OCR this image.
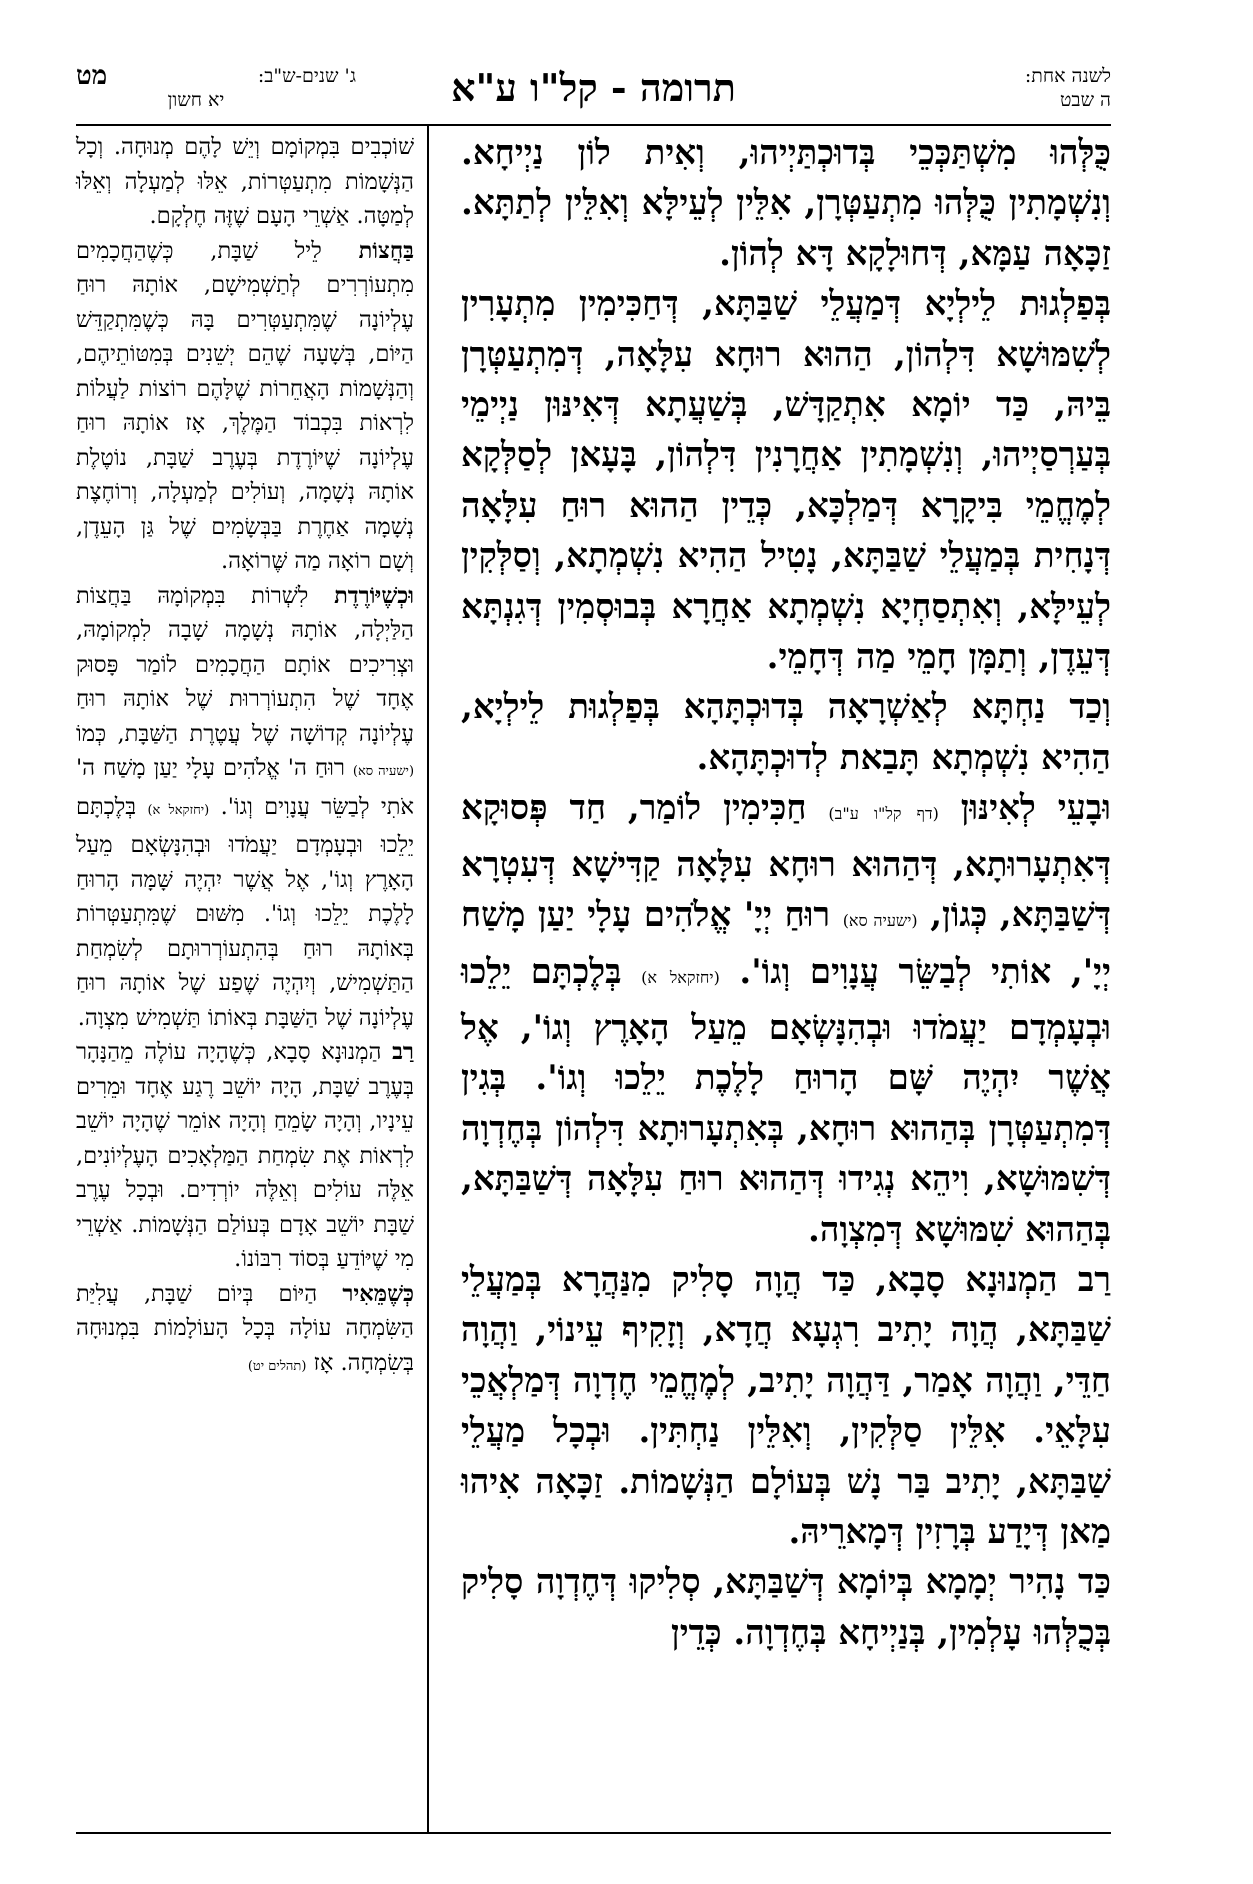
לשנה אחת:
ה שבט
תרומה - קל"ו ע"א
ג' שנים-ש"ב:
מט
יא חשון

כֻּלְּהוּ מִשְׁתַּכְּכֵי בְּדוּכְתַּיְיהוּ, וְאִית לוֹן נַיְיחָא. וְנִשְׁמָתִין כֻּלְּהוּ מִתְעַטְּרָן, אִלֵּין לְעֵילָּא וְאִלֵּין לְתַתָּא. זַכָּאָה עַמָּא, דְּחוּלָקָא דָּא לְהוֹן.

בְּפַלְגוּת לֵילְיָא דְּמַעֲלֵי שַׁבַּתָּא, דְּחַכִּימִין מִתְעָרִין לְשִׁמּוּשָׁא דִּלְהוֹן, הַהוּא רוּחָא עִלָּאָה, דְּמִתְעַטְּרָן בֵּיהּ, כַּד יוֹמָא אִתְקַדָּשׁ, בְּשַׁעֲתָא דְּאִינּוּן נַיְימֵי בְּעַרְסַיְיהוּ, וְנִשְׁמָתִין אַחֲרָנִין דִּלְהוֹן, בָּעָאן לְסַלְּקָא לְמֶחֱמֵי בִּיקָרָא דְּמַלְכָּא, כְּדֵין הַהוּא רוּחַ עִלָּאָה דְּנָחִית בְּמַעֲלֵי שַׁבַּתָּא, נָטִיל הַהִיא נִשְׁמְתָא, וְסַלְּקִין לְעֵילָּא, וְאִתְסַחְיָא נִשְׁמְתָא אַחֲרָא בְּבוּסְמִין דְּגִנְתָּא דְּעֵדֶן, וְתַמָּן חָמֵי מַה דְּחָמֵי.

וְכַד נַחְתָּא לְאַשְׁרָאָה בְּדוּכְתָּהָא בְּפַלְגוּת לֵילְיָא, הַהִיא נִשְׁמְתָא תָּבַאת לְדוּכְתָּהָא.

וּבָעֵי לְאִינּוּן (דף קל"ו ע"ב) חַכִּימִין לוֹמַר, חַד פְּסוּקָא דְּאִתְעָרוּתָא, דְּהַהוּא רוּחָא עִלָּאָה קַדִּישָׁא דְּעִטְרָא דְּשַׁבַּתָּא, כְּגוֹן, (ישעיה סא) רוּחַ יְיָ' אֱלֹהִים עָלָי יַעַן מָשַׁח יְיָ', אוֹתִי לְבַשֵּׂר עֲנָוִים וְגוֹ'. (יחזקאל א) בְּלֶכְתָּם יֵלֵכוּ וּבְעָמְדָם יַעֲמֹדוּ וּבְהִנָּשְׂאָם מֵעַל הָאָרֶץ וְגוֹ', אֶל אֲשֶׁר יִהְיֶה שָּׁם הָרוּחַ לָלֶכֶת יֵלֵכוּ וְגוֹ'. בְּגִין דְּמִתְעַטְּרָן בְּהַהוּא רוּחָא, בְּאִתְעָרוּתָא דִּלְהוֹן בְּחֶדְוָה דְּשִׁמּוּשָׁא, וִיהֵא נְגִידוּ דְּהַהוּא רוּחַ עִלָּאָה דְּשַׁבַּתָּא, בְּהַהוּא שִׁמּוּשָׁא דְּמִצְוָה.

רַב הַמְנוּנָא סָבָא, כַּד הֲוָה סָלִיק מִנַּהֲרָא בְּמַעֲלֵי שַׁבַּתָּא, הֲוָה יָתִיב רִגְעָא חֲדָא, וְזָקִיף עֵינוֹי, וַהֲוָה חַדֵּי, וַהֲוָה אָמַר, דַּהֲוָה יָתִיב, לְמֶחֱמֵי חֶדְוָה דְּמַלְאֲכֵי עִלָּאֵי. אִלֵּין סַלְּקִין, וְאִלֵּין נַחְתִּין. וּבְכָל מַעֲלֵי שַׁבַּתָּא, יָתִיב בַּר נָשׁ בְּעוֹלָם הַנְּשָׁמוֹת. זַכָּאָה אִיהוּ מַאן דְּיָדַע בְּרָזִין דְּמָארֵיהּ.

כַּד נָהִיר יְמָמָא בְּיוֹמָא דְּשַׁבַּתָּא, סְלִיקוּ דְּחֶדְוָה סָלִיק בְּכֻלְּהוּ עָלְמִין, בְּנַיְיחָא בְּחֶדְוָה. כְּדֵין

שׁוֹכְבִים בִּמְקוֹמָם וְיֵשׁ לָהֶם מְנוּחָה. וְכָל הַנְּשָׁמוֹת מִתְעַטְּרוֹת, אֵלּוּ לְמַעְלָה וְאֵלּוּ לְמַטָּה. אַשְׁרֵי הָעָם שֶׁזֶּה חֶלְקָם.

בַּחֲצוֹת לֵיל שַׁבָּת, כְּשֶׁהַחֲכָמִים מִתְעוֹרְרִים לְתַשְׁמִישָׁם, אוֹתָהּ רוּחַ עֶלְיוֹנָה שֶׁמִּתְעַטְּרִים בָּהּ כְּשֶׁמִּתְקַדֵּשׁ הַיּוֹם, בְּשָׁעָה שֶׁהֵם יְשֵׁנִים בְּמִטּוֹתֵיהֶם, וְהַנְּשָׁמוֹת הָאֲחֵרוֹת שֶׁלָּהֶם רוֹצוֹת לַעֲלוֹת לִרְאוֹת בִּכְבוֹד הַמֶּלֶךְ, אָז אוֹתָהּ רוּחַ עֶלְיוֹנָה שֶׁיּוֹרֶדֶת בְּעֶרֶב שַׁבָּת, נוֹטֶלֶת אוֹתָהּ נְשָׁמָה, וְעוֹלִים לְמַעְלָה, וְרוֹחֶצֶת נְשָׁמָה אַחֶרֶת בַּבְּשָׂמִים שֶׁל גַּן הָעֵדֶן, וְשָׁם רוֹאָה מַה שֶּׁרוֹאָה.

וּכְשֶׁיּוֹרֶדֶת לִשְׁרוֹת בִּמְקוֹמָהּ בַּחֲצוֹת הַלַּיְלָה, אוֹתָהּ נְשָׁמָה שָׁבָה לִמְקוֹמָהּ, וּצְרִיכִים אוֹתָם הַחֲכָמִים לוֹמַר פָּסוּק אֶחָד שֶׁל הִתְעוֹרְרוּת שֶׁל אוֹתָהּ רוּחַ עֶלְיוֹנָה קְדוֹשָׁה שֶׁל עֲטֶרֶת הַשַּׁבָּת, כְּמוֹ (ישעיה סא) רוּחַ ה' אֱלֹהִים עָלָי יַעַן מָשַׁח ה' אֹתִי לְבַשֵּׂר עֲנָוִים וְגוֹ'. (יחזקאל א) בְּלֶכְתָּם יֵלֵכוּ וּבְעָמְדָם יַעֲמֹדוּ וּבְהִנָּשְׂאָם מֵעַל הָאָרֶץ וְגוֹ', אֶל אֲשֶׁר יִהְיֶה שָּׁמָּה הָרוּחַ לָלֶכֶת יֵלֵכוּ וְגוֹ'. מִשּׁוּם שֶׁמִּתְעַטְּרוֹת בְּאוֹתָהּ רוּחַ בְּהִתְעוֹרְרוּתָם לְשִׂמְחַת הַתַּשְׁמִישׁ, וְיִהְיֶה שֶׁפַע שֶׁל אוֹתָהּ רוּחַ עֶלְיוֹנָה שֶׁל הַשַּׁבָּת בְּאוֹתוֹ תַּשְׁמִישׁ מִצְוָה.

רַב הַמְנוּנָא סָבָא, כְּשֶׁהָיָה עוֹלֶה מֵהַנָּהָר בְּעֶרֶב שַׁבָּת, הָיָה יוֹשֵׁב רֶגַע אֶחָד וּמֵרִים עֵינָיו, וְהָיָה שָׂמֵחַ וְהָיָה אוֹמֵר שֶׁהָיָה יוֹשֵׁב לִרְאוֹת אֶת שִׂמְחַת הַמַּלְאָכִים הָעֶלְיוֹנִים, אֵלֶּה עוֹלִים וְאֵלֶּה יוֹרְדִים. וּבְכָל עֶרֶב שַׁבָּת יוֹשֵׁב אָדָם בְּעוֹלַם הַנְּשָׁמוֹת. אַשְׁרֵי מִי שֶׁיּוֹדֵעַ בְּסוֹד רִבּוֹנוֹ.

כְּשֶׁמֵּאִיר הַיּוֹם בְּיוֹם שַׁבָּת, עֲלִיַּת הַשִּׂמְחָה עוֹלָה בְּכָל הָעוֹלָמוֹת בִּמְנוּחָה בְּשִׂמְחָה. אָז (תהלים יט)
